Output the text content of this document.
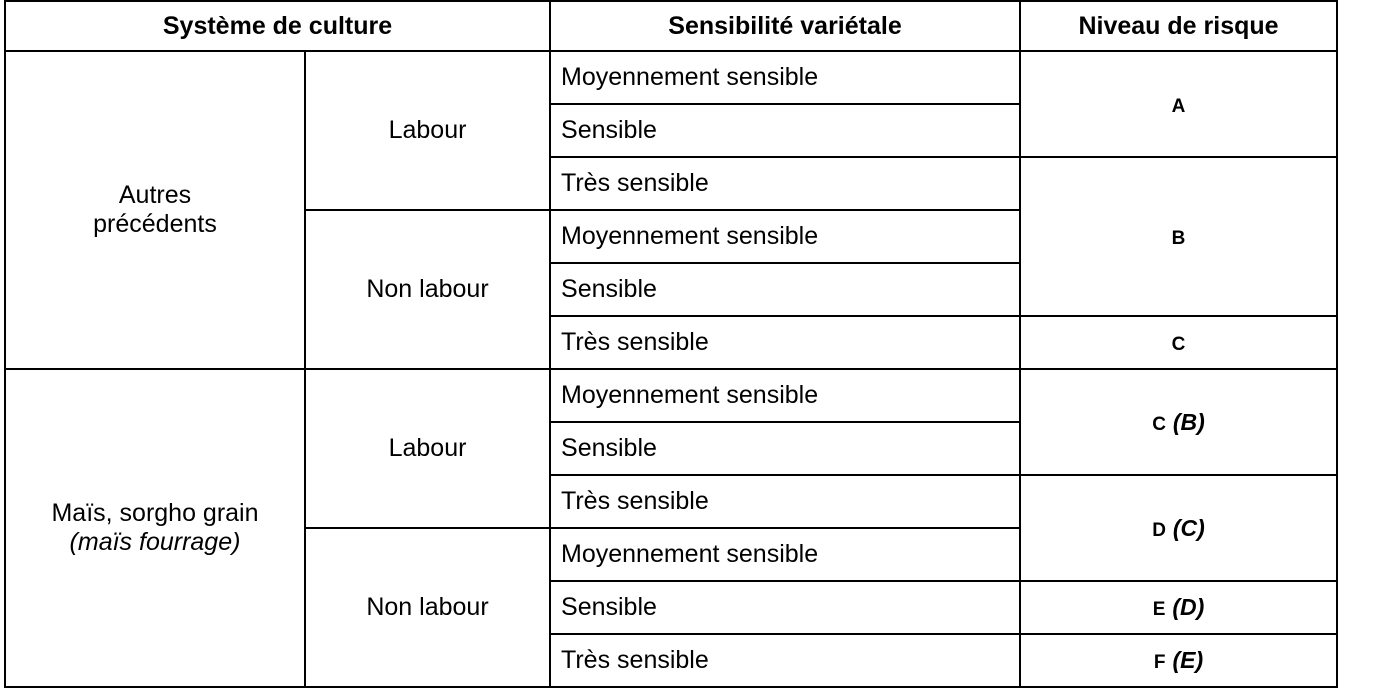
Système de culture		Sensibilité variétale	Niveau de risque
Autres
précédents	Labour	Moyennement sensible	A
		Sensible	
		Très sensible	B
	Non labour	Moyennement sensible	
		Sensible	
		Très sensible	C
Maïs, sorgho grain
(maïs fourrage)	Labour	Moyennement sensible	C (B)
		Sensible	
		Très sensible	D (C)
	Non labour	Moyennement sensible	
		Sensible	E (D)
		Très sensible	F (E)
